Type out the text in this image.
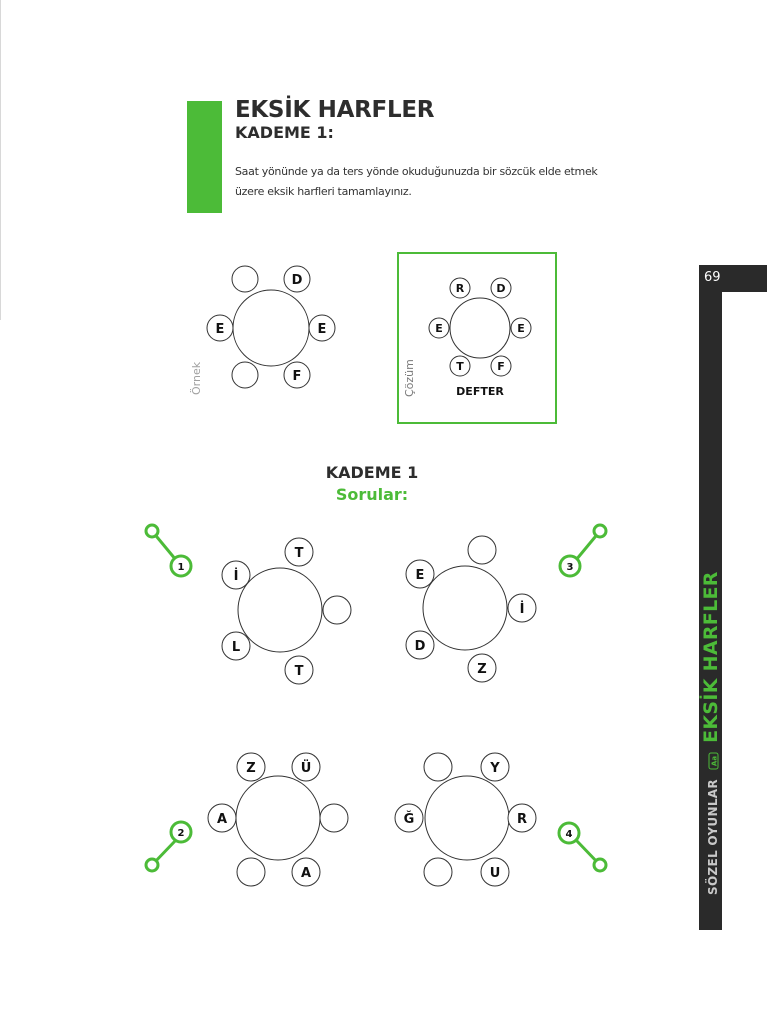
EKSİK HARFLER
KADEME 1:
Saat yönünde ya da ters yönde okuduğunuzda bir sözcük elde etmek üzere eksik harfleri tamamlayınız.
Örnek	Çözüm	DEFTER
KADEME 1
Sorular:
D
E
F
E
R	D
E
F
T
E
İ
T
T
L
1
Z	Ü
A
A
2
E
İ
Z
D
3
Y
R
U
Ğ
4
69
SÖZEL OYUNLAR
Aa
EKSİK HARFLER
